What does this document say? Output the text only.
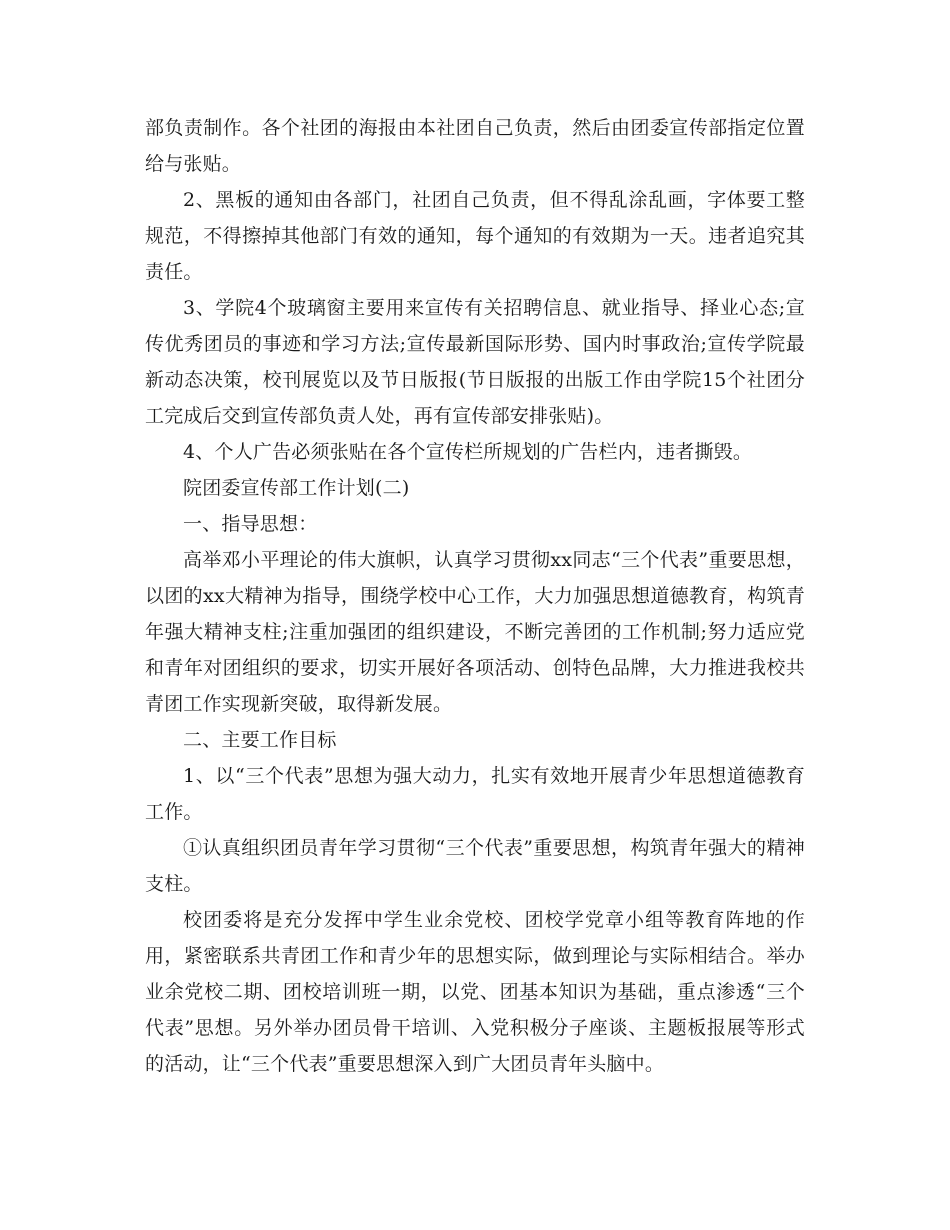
部负责制作。各个社团的海报由本社团自己负责，然后由团委宣传部指定位置给与张贴。

2、黑板的通知由各部门，社团自己负责，但不得乱涂乱画，字体要工整规范，不得擦掉其他部门有效的通知，每个通知的有效期为一天。违者追究其责任。

3、学院4个玻璃窗主要用来宣传有关招聘信息、就业指导、择业心态;宣传优秀团员的事迹和学习方法;宣传最新国际形势、国内时事政治;宣传学院最新动态决策，校刊展览以及节日版报(节日版报的出版工作由学院15个社团分工完成后交到宣传部负责人处，再有宣传部安排张贴)。

4、个人广告必须张贴在各个宣传栏所规划的广告栏内，违者撕毁。

院团委宣传部工作计划(二)

一、指导思想：

高举邓小平理论的伟大旗帜，认真学习贯彻xx同志“三个代表”重要思想，以团的xx大精神为指导，围绕学校中心工作，大力加强思想道德教育，构筑青年强大精神支柱;注重加强团的组织建设，不断完善团的工作机制;努力适应党和青年对团组织的要求，切实开展好各项活动、创特色品牌，大力推进我校共青团工作实现新突破，取得新发展。

二、主要工作目标

1、以“三个代表”思想为强大动力，扎实有效地开展青少年思想道德教育工作。

①认真组织团员青年学习贯彻“三个代表”重要思想，构筑青年强大的精神支柱。

校团委将是充分发挥中学生业余党校、团校学党章小组等教育阵地的作用，紧密联系共青团工作和青少年的思想实际，做到理论与实际相结合。举办业余党校二期、团校培训班一期，以党、团基本知识为基础，重点渗透“三个代表”思想。另外举办团员骨干培训、入党积极分子座谈、主题板报展等形式的活动，让“三个代表”重要思想深入到广大团员青年头脑中。
